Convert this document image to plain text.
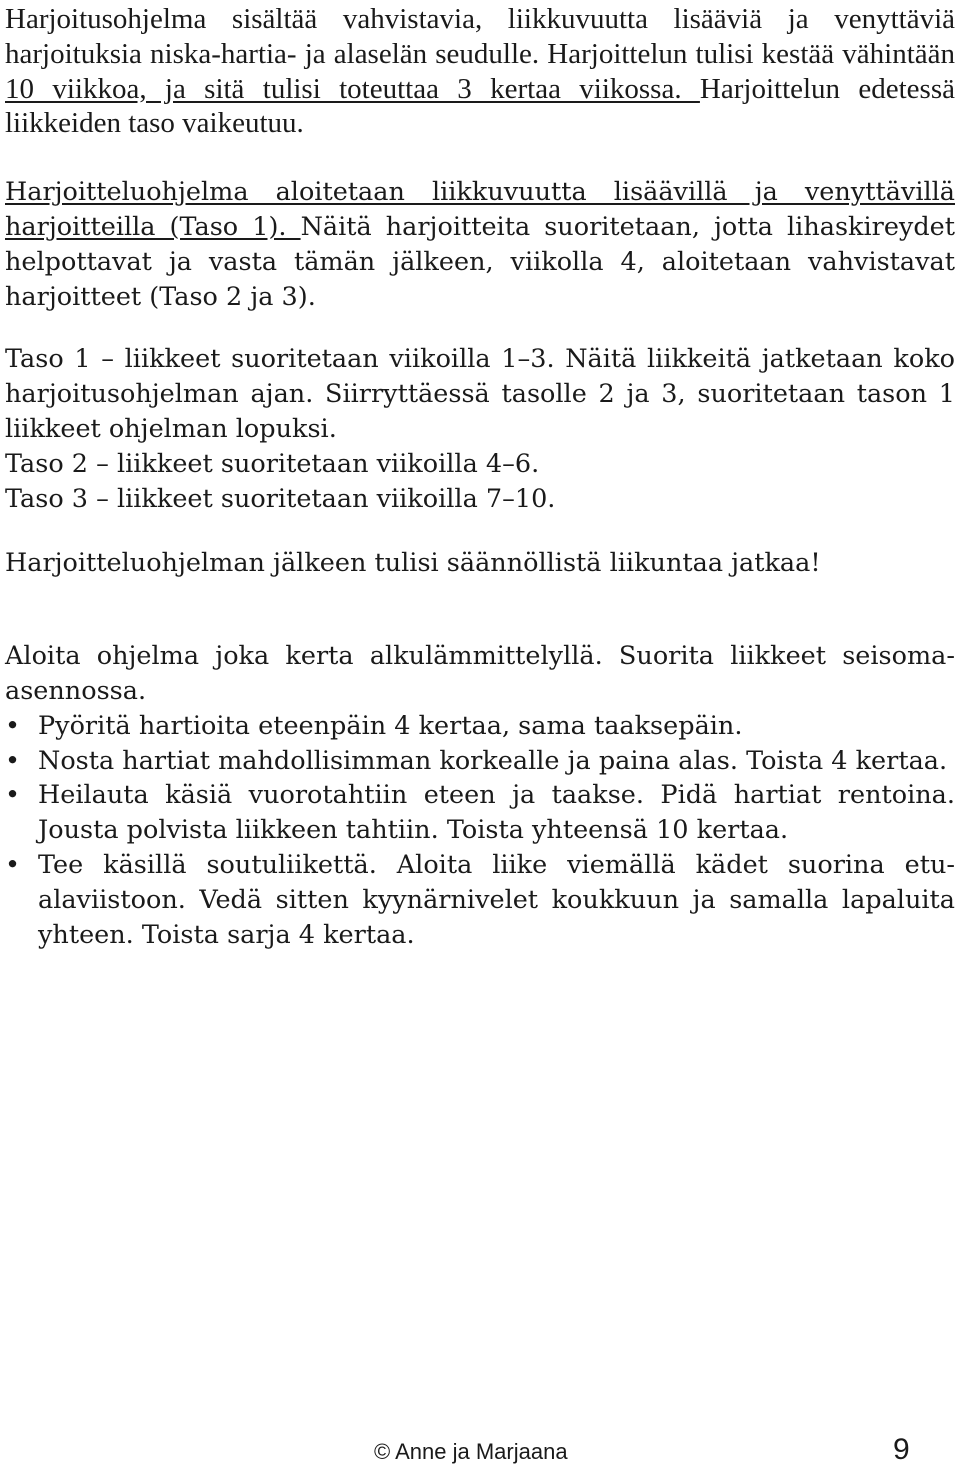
Harjoitusohjelma sisältää vahvistavia, liikkuvuutta lisääviä ja venyttäviä harjoituksia niska-hartia- ja alaselän seudulle. Harjoittelun tulisi kestää vähintään 10 viikkoa, ja sitä tulisi toteuttaa 3 kertaa viikossa. Harjoittelun edetessä liikkeiden taso vaikeutuu.

Harjoitteluohjelma aloitetaan liikkuvuutta lisäävillä ja venyttävillä harjoitteilla (Taso 1). Näitä harjoitteita suoritetaan, jotta lihaskireydet helpottavat ja vasta tämän jälkeen, viikolla 4, aloitetaan vahvistavat harjoitteet (Taso 2 ja 3).

Taso 1 – liikkeet suoritetaan viikoilla 1–3. Näitä liikkeitä jatketaan koko harjoitusohjelman ajan. Siirryttäessä tasolle 2 ja 3, suoritetaan tason 1 liikkeet ohjelman lopuksi.

Taso 2 – liikkeet suoritetaan viikoilla 4–6.

Taso 3 – liikkeet suoritetaan viikoilla 7–10.

Harjoitteluohjelman jälkeen tulisi säännöllistä liikuntaa jatkaa!

Aloita ohjelma joka kerta alkulämmittelyllä. Suorita liikkeet seisoma-asennossa.

• Pyöritä hartioita eteenpäin 4 kertaa, sama taaksepäin.
• Nosta hartiat mahdollisimman korkealle ja paina alas. Toista 4 kertaa.
• Heilauta käsiä vuorotahtiin eteen ja taakse. Pidä hartiat rentoina. Jousta polvista liikkeen tahtiin. Toista yhteensä 10 kertaa.
• Tee käsillä soutuliikettä. Aloita liike viemällä kädet suorina etu-alaviistoon. Vedä sitten kyynärnivelet koukkuun ja samalla lapaluita yhteen. Toista sarja 4 kertaa.
© Anne ja Marjaana	9
